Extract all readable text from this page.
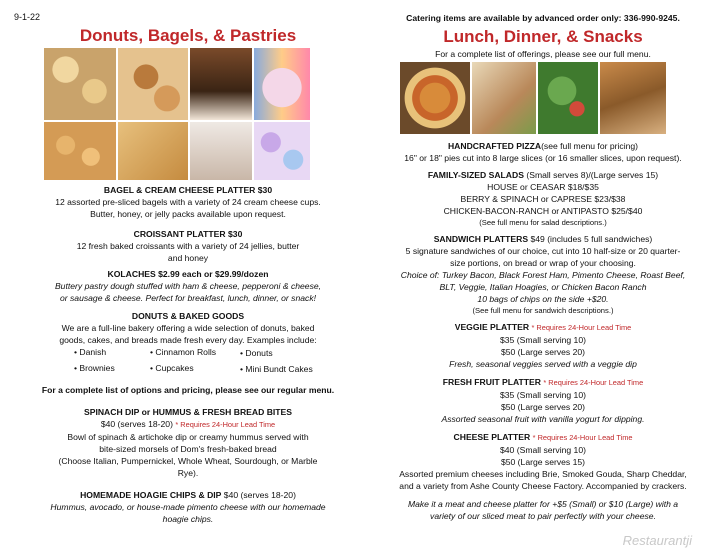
9-1-22
Donuts, Bagels, & Pastries
BAGEL & CREAM CHEESE PLATTER $30
12 assorted pre-sliced bagels with a variety of 24 cream cheese cups.
Butter, honey, or jelly packs available upon request.
CROISSANT PLATTER $30
12 fresh baked croissants with a variety of 24 jellies, butter
and honey
KOLACHES $2.99 each or $29.99/dozen
Buttery pastry dough stuffed with ham & cheese, pepperoni & cheese,
or sausage & cheese. Perfect for breakfast, lunch, dinner, or snack!
DONUTS & BAKED GOODS
We are a full-line bakery offering a wide selection of donuts, baked
goods, cakes, and breads made fresh every day. Examples include:
• Danish	• Cinnamon Rolls	• Donuts
• Brownies	• Cupcakes	• Mini Bundt Cakes
For a complete list of options and pricing, please see our regular menu.
SPINACH DIP or HUMMUS & FRESH BREAD BITES
$40 (serves 18-20) * Requires 24-Hour Lead Time
Bowl of spinach & artichoke dip or creamy hummus served with
bite-sized morsels of Dom's fresh-baked bread
(Choose Italian, Pumpernickel, Whole Wheat, Sourdough, or Marble
Rye).
HOMEMADE HOAGIE CHIPS & DIP $40 (serves 18-20)
Hummus, avocado, or house-made pimento cheese with our homemade
hoagie chips.
Catering items are available by advanced order only: 336-990-9245.
Lunch, Dinner, & Snacks
For a complete list of offerings, please see our full menu.
HANDCRAFTED PIZZA(see full menu for pricing)
16" or 18" pies cut into 8 large slices (or 16 smaller slices, upon request).
FAMILY-SIZED SALADS (Small serves 8)/(Large serves 15)
HOUSE or CEASAR $18/$35
BERRY & SPINACH or CAPRESE $23/$38
CHICKEN-BACON-RANCH or ANTIPASTO $25/$40
(See full menu for salad descriptions.)
SANDWICH PLATTERS $49 (includes 5 full sandwiches)
5 signature sandwiches of our choice, cut into 10 half-size or 20 quarter-
size portions, on bread or wrap of your choosing.
Choice of: Turkey Bacon, Black Forest Ham, Pimento Cheese, Roast Beef,
BLT, Veggie, Italian Hoagies, or Chicken Bacon Ranch
10 bags of chips on the side +$20.
(See full menu for sandwich descriptions.)
VEGGIE PLATTER * Requires 24-Hour Lead Time
$35 (Small serving 10)
$50 (Large serves 20)
Fresh, seasonal veggies served with a veggie dip
FRESH FRUIT PLATTER * Requires 24-Hour Lead Time
$35 (Small serving 10)
$50 (Large serves 20)
Assorted seasonal fruit with vanilla yogurt for dipping.
CHEESE PLATTER * Requires 24-Hour Lead Time
$40 (Small serving 10)
$50 (Large serves 15)
Assorted premium cheeses including Brie, Smoked Gouda, Sharp Cheddar,
and a variety from Ashe County Cheese Factory. Accompanied by crackers.
Make it a meat and cheese platter for +$5 (Small) or $10 (Large) with a
variety of our sliced meat to pair perfectly with your cheese.
Restaurantji
